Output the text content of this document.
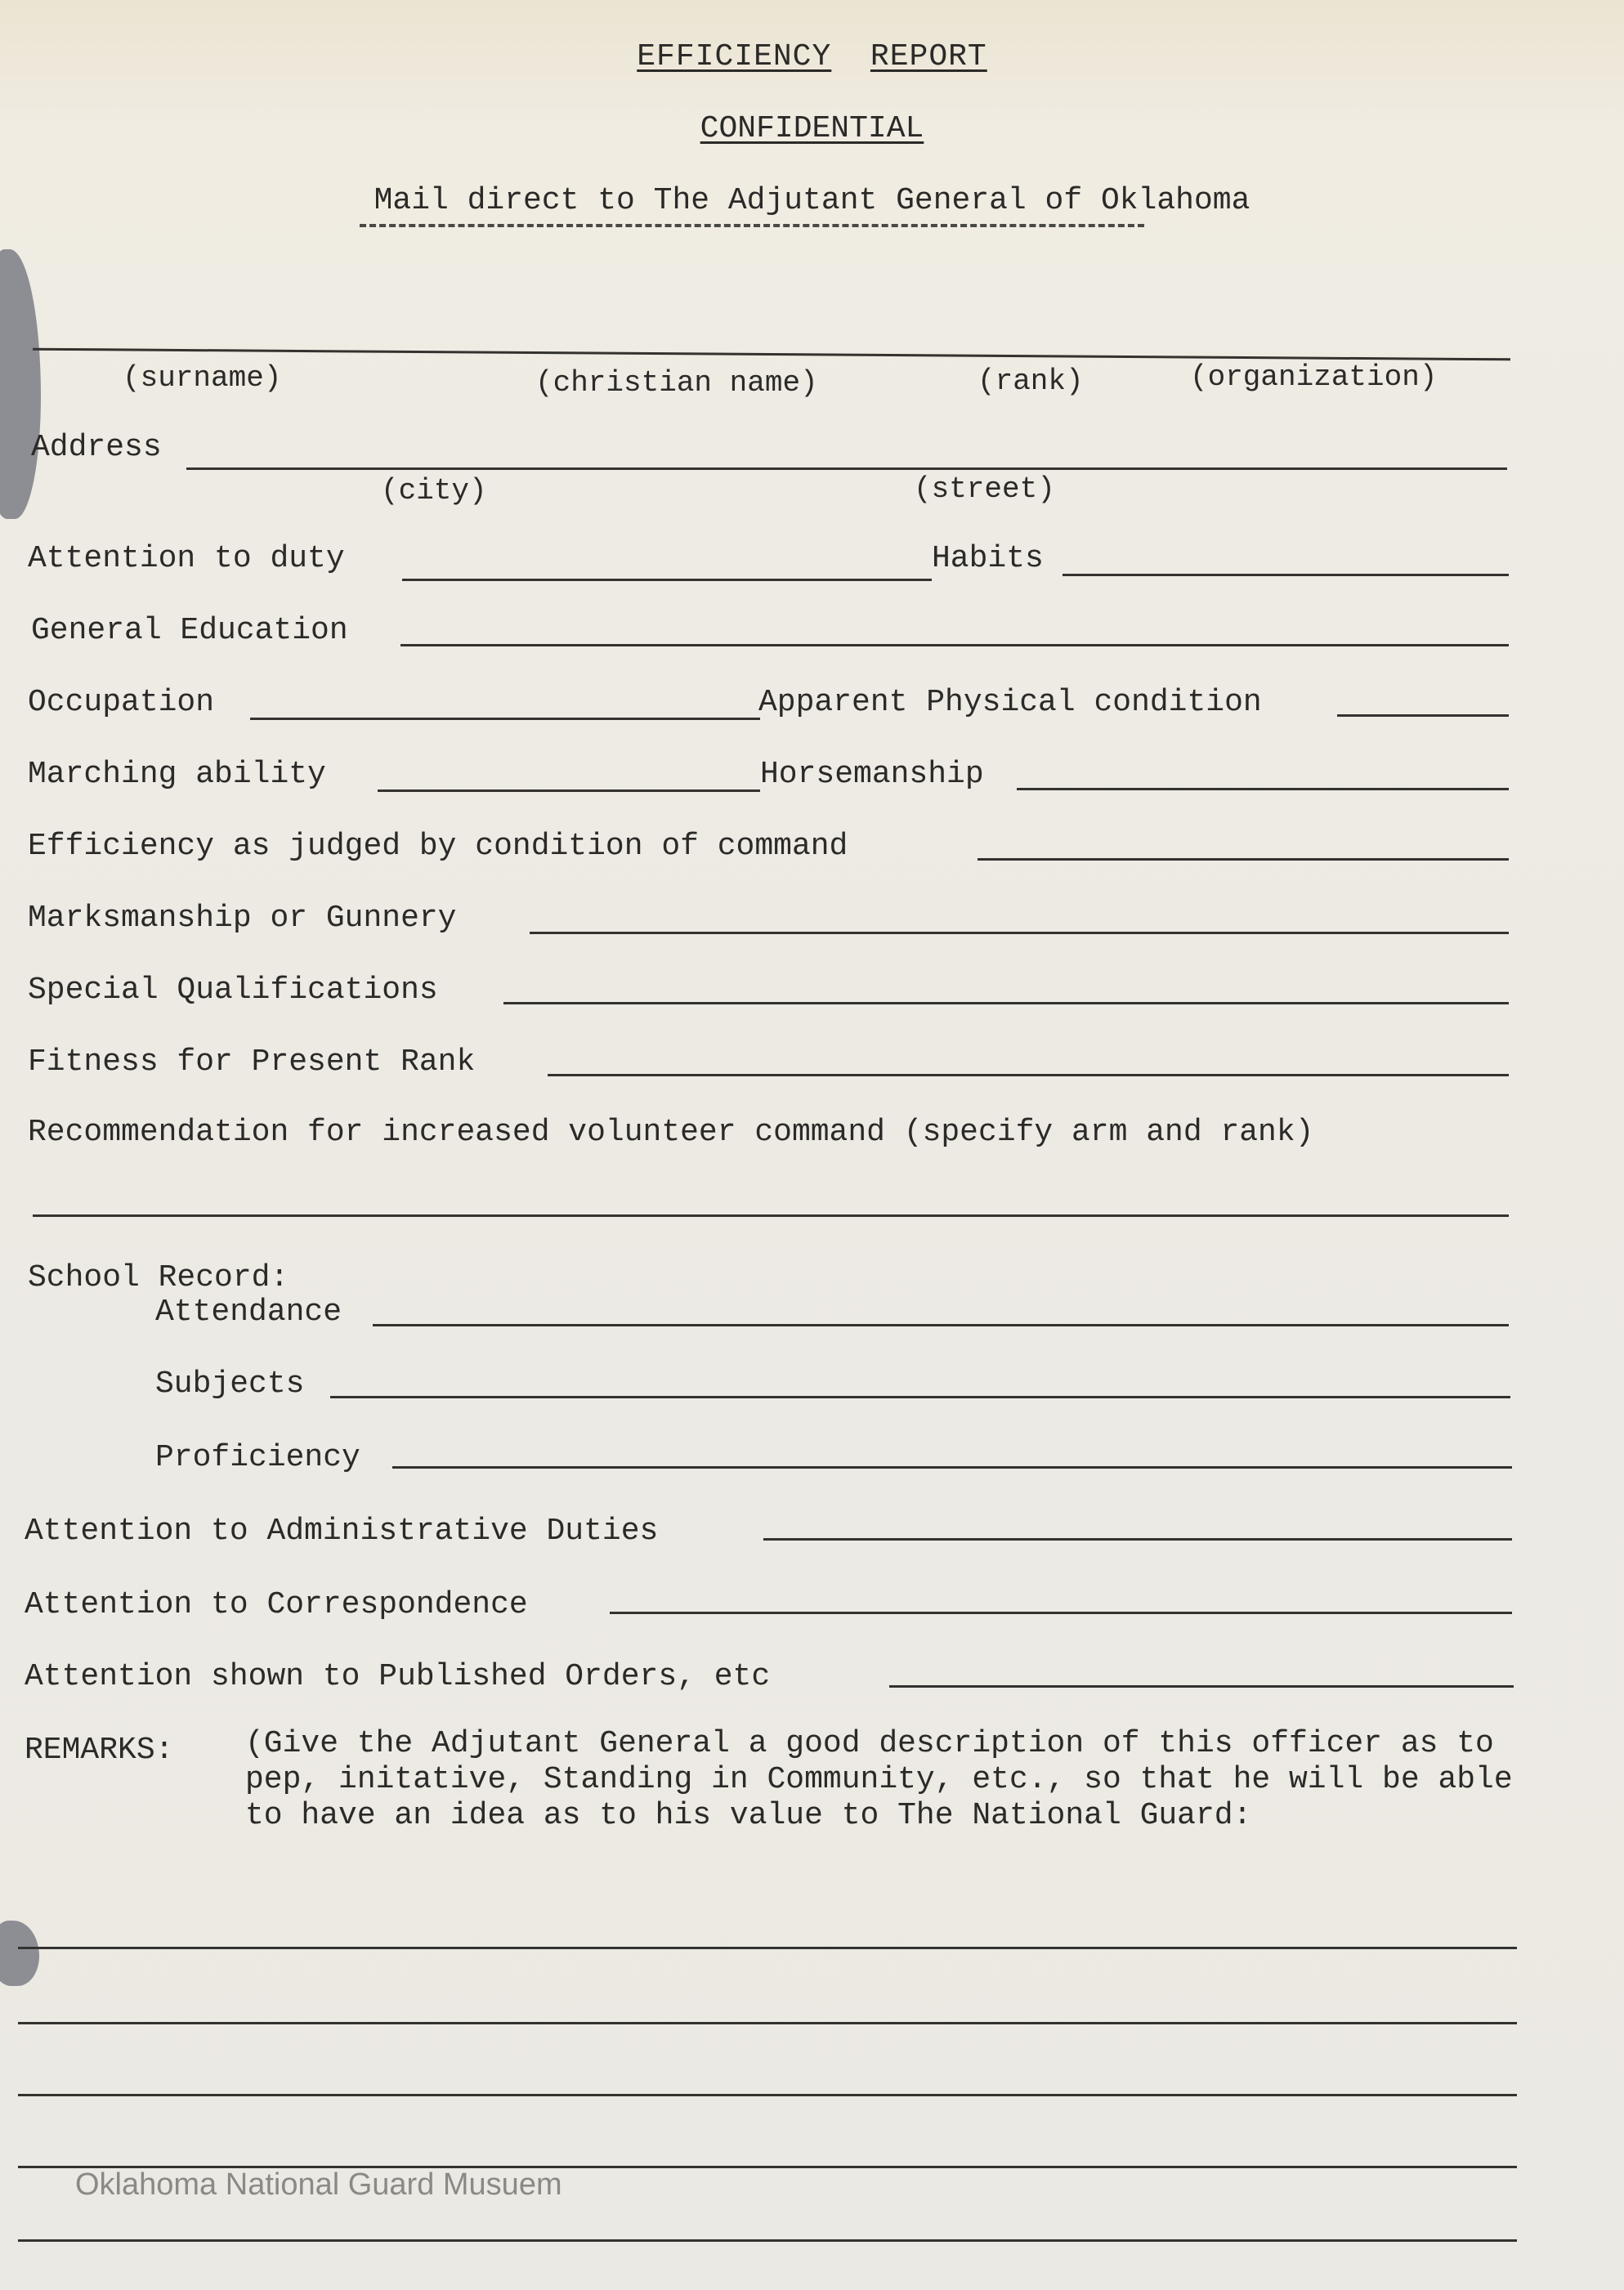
EFFICIENCY REPORT
CONFIDENTIAL
Mail direct to The Adjutant General of Oklahoma
(surname)	(christian name)	(rank)	(organization)
Address
(city)	(street)
Attention to duty	Habits
General Education
Occupation	Apparent Physical condition
Marching ability	Horsemanship
Efficiency as judged by condition of command
Marksmanship or Gunnery
Special Qualifications
Fitness for Present Rank
Recommendation for increased volunteer command (specify arm and rank)
School Record:
Attendance
Subjects
Proficiency
Attention to Administrative Duties
Attention to Correspondence
Attention shown to Published Orders, etc
REMARKS: (Give the Adjutant General a good description of this officer as to pep, initative, Standing in Community, etc., so that he will be able to have an idea as to his value to The National Guard:
Oklahoma National Guard Musuem
